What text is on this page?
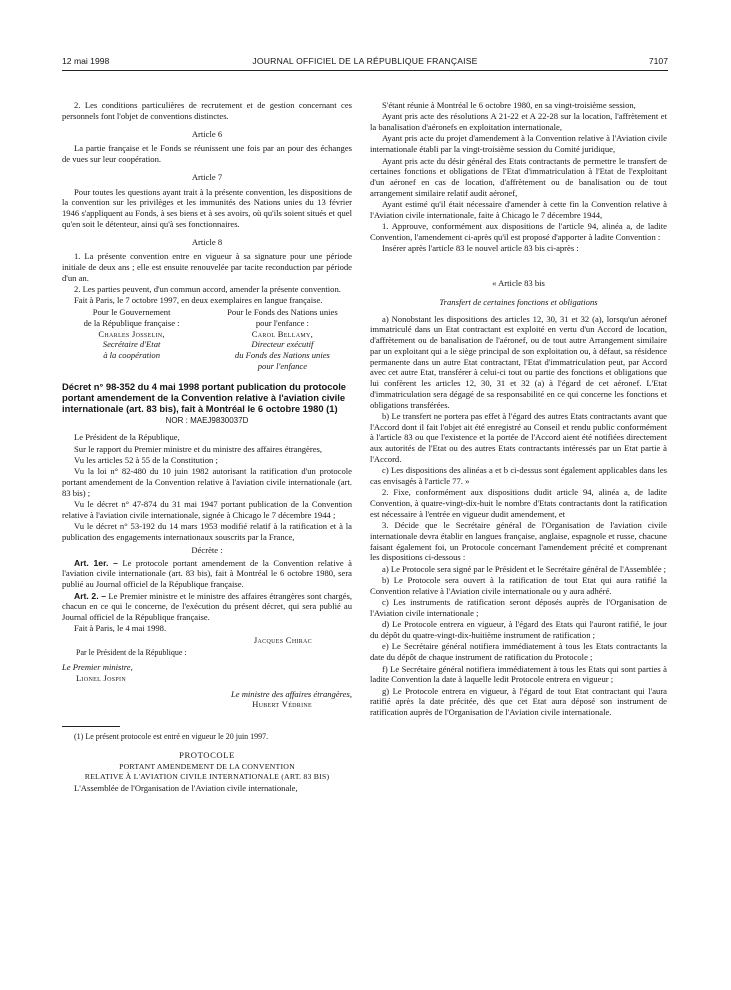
12 mai 1998	JOURNAL OFFICIEL DE LA RÉPUBLIQUE FRANÇAISE	7107

2. Les conditions particulières de recrutement et de gestion concernant ces personnels font l'objet de conventions distinctes.

Article 6

La partie française et le Fonds se réunissent une fois par an pour des échanges de vues sur leur coopération.

Article 7

Pour toutes les questions ayant trait à la présente convention, les dispositions de la convention sur les privilèges et les immunités des Nations unies du 13 février 1946 s'appliquent au Fonds, à ses biens et à ses avoirs, où qu'ils soient situés et quel qu'en soit le détenteur, ainsi qu'à ses fonctionnaires.

Article 8

1. La présente convention entre en vigueur à sa signature pour une période initiale de deux ans ; elle est ensuite renouvelée par tacite reconduction par période d'un an.

2. Les parties peuvent, d'un commun accord, amender la présente convention.

Fait à Paris, le 7 octobre 1997, en deux exemplaires en langue française.

Pour le Gouvernement
de la République française :
Charles Josselin,
Secrétaire d'Etat
à la coopération
Pour le Fonds des Nations unies
pour l'enfance :
Carol Bellamy,
Directeur exécutif
du Fonds des Nations unies
pour l'enfance
Décret n° 98-352 du 4 mai 1998 portant publication du protocole portant amendement de la Convention relative à l'aviation civile internationale (art. 83 bis), fait à Montréal le 6 octobre 1980 (1)
NOR : MAEJ9830037D

Le Président de la République,

Sur le rapport du Premier ministre et du ministre des affaires étrangères,

Vu les articles 52 à 55 de la Constitution ;

Vu la loi n° 82-480 du 10 juin 1982 autorisant la ratification d'un protocole portant amendement de la Convention relative à l'aviation civile internationale (art. 83 bis) ;

Vu le décret n° 47-874 du 31 mai 1947 portant publication de la Convention relative à l'aviation civile internationale, signée à Chicago le 7 décembre 1944 ;

Vu le décret n° 53-192 du 14 mars 1953 modifié relatif à la ratification et à la publication des engagements internationaux souscrits par la France,

Décrète :

Art. 1er. – Le protocole portant amendement de la Convention relative à l'aviation civile internationale (art. 83 bis), fait à Montréal le 6 octobre 1980, sera publié au Journal officiel de la République française.

Art. 2. – Le Premier ministre et le ministre des affaires étrangères sont chargés, chacun en ce qui le concerne, de l'exécution du présent décret, qui sera publié au Journal officiel de la République française.

Fait à Paris, le 4 mai 1998.

Jacques Chirac
Par le Président de la République :
Le Premier ministre,
Lionel Jospin
Le ministre des affaires étrangères,
Hubert Védrine
(1) Le présent protocole est entré en vigueur le 20 juin 1997.
PROTOCOLE
PORTANT AMENDEMENT DE LA CONVENTION
RELATIVE À L'AVIATION CIVILE INTERNATIONALE (ART. 83 BIS)

L'Assemblée de l'Organisation de l'Aviation civile internationale,

S'étant réunie à Montréal le 6 octobre 1980, en sa vingt-troisième session,

Ayant pris acte des résolutions A 21-22 et A 22-28 sur la location, l'affrètement et la banalisation d'aéronefs en exploitation internationale,

Ayant pris acte du projet d'amendement à la Convention relative à l'Aviation civile internationale établi par la vingt-troisième session du Comité juridique,

Ayant pris acte du désir général des Etats contractants de permettre le transfert de certaines fonctions et obligations de l'Etat d'immatriculation à l'Etat de l'exploitant d'un aéronef en cas de location, d'affrètement ou de banalisation ou de tout arrangement similaire relatif audit aéronef,

Ayant estimé qu'il était nécessaire d'amender à cette fin la Convention relative à l'Aviation civile internationale, faite à Chicago le 7 décembre 1944,

1. Approuve, conformément aux dispositions de l'article 94, alinéa a, de ladite Convention, l'amendement ci-après qu'il est proposé d'apporter à ladite Convention :

Insérer après l'article 83 le nouvel article 83 bis ci-après :

« Article 83 bis
Transfert de certaines fonctions et obligations

a) Nonobstant les dispositions des articles 12, 30, 31 et 32 (a), lorsqu'un aéronef immatriculé dans un Etat contractant est exploité en vertu d'un Accord de location, d'affrètement ou de banalisation de l'aéronef, ou de tout autre Arrangement similaire par un exploitant qui a le siège principal de son exploitation ou, à défaut, sa résidence permanente dans un autre Etat contractant, l'Etat d'immatriculation peut, par Accord avec cet autre Etat, transférer à celui-ci tout ou partie des fonctions et obligations que lui confèrent les articles 12, 30, 31 et 32 (a) à l'égard de cet aéronef. L'Etat d'immatriculation sera dégagé de sa responsabilité en ce qui concerne les fonctions et obligations transférées.

b) Le transfert ne portera pas effet à l'égard des autres Etats contractants avant que l'Accord dont il fait l'objet ait été enregistré au Conseil et rendu public conformément à l'article 83 ou que l'existence et la portée de l'Accord aient été notifiées directement aux autorités de l'Etat ou des autres Etats contractants intéressés par un Etat partie à l'Accord.

c) Les dispositions des alinéas a et b ci-dessus sont également applicables dans les cas envisagés à l'article 77. »

2. Fixe, conformément aux dispositions dudit article 94, alinéa a, de ladite Convention, à quatre-vingt-dix-huit le nombre d'Etats contractants dont la ratification est nécessaire à l'entrée en vigueur dudit amendement, et

3. Décide que le Secrétaire général de l'Organisation de l'aviation civile internationale devra établir en langues française, anglaise, espagnole et russe, chacune faisant également foi, un Protocole concernant l'amendement précité et comprenant les dispositions ci-dessous :

a) Le Protocole sera signé par le Président et le Secrétaire général de l'Assemblée ;

b) Le Protocole sera ouvert à la ratification de tout Etat qui aura ratifié la Convention relative à l'Aviation civile internationale ou y aura adhéré.

c) Les instruments de ratification seront déposés auprès de l'Organisation de l'Aviation civile internationale ;

d) Le Protocole entrera en vigueur, à l'égard des Etats qui l'auront ratifié, le jour du dépôt du quatre-vingt-dix-huitième instrument de ratification ;

e) Le Secrétaire général notifiera immédiatement à tous les Etats contractants la date du dépôt de chaque instrument de ratification du Protocole ;

f) Le Secrétaire général notifiera immédiatement à tous les Etats qui sont parties à ladite Convention la date à laquelle ledit Protocole entrera en vigueur ;

g) Le Protocole entrera en vigueur, à l'égard de tout Etat contractant qui l'aura ratifié après la date précitée, dès que cet Etat aura déposé son instrument de ratification auprès de l'Organisation de l'Aviation civile internationale.
